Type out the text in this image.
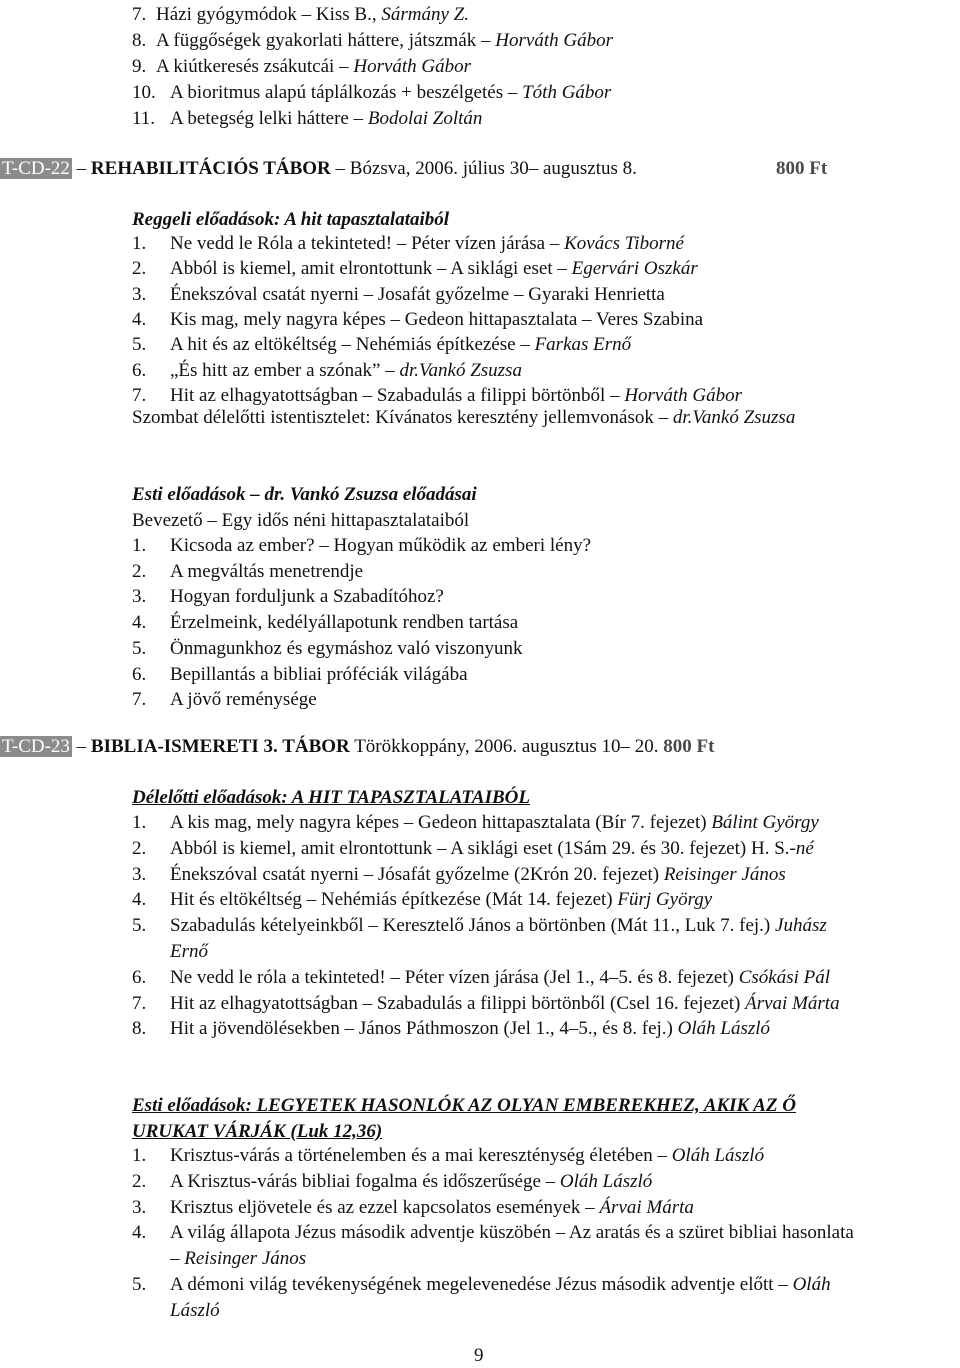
7. Házi gyógymódok – Kiss B., Sármány Z.
8. A függőségek gyakorlati háttere, játszmák – Horváth Gábor
9. A kiútkeresés zsákutcái – Horváth Gábor
10. A bioritmus alapú táplálkozás + beszélgetés – Tóth Gábor
11. A betegség lelki háttere – Bodolai Zoltán
T-CD-22 – REHABILITÁCIÓS TÁBOR – Bózsva, 2006. július 30– augusztus 8.	800 Ft
Reggeli előadások: A hit tapasztalataiból
1. Ne vedd le Róla a tekinteted! – Péter vízen járása – Kovács Tiborné
2. Abból is kiemel, amit elrontottunk – A siklági eset – Egervári Oszkár
3. Énekszóval csatát nyerni – Josafát győzelme – Gyaraki Henrietta
4. Kis mag, mely nagyra képes – Gedeon hittapasztalata – Veres Szabina
5. A hit és az eltökéltség – Nehémiás építkezése – Farkas Ernő
6. „És hitt az ember a szónak” – dr.Vankó Zsuzsa
7. Hit az elhagyatottságban – Szabadulás a filippi börtönből – Horváth Gábor
Szombat délelőtti istentisztelet: Kívánatos keresztény jellemvonások – dr.Vankó Zsuzsa
Esti előadások – dr. Vankó Zsuzsa előadásai
Bevezető – Egy idős néni hittapasztalataiból
1. Kicsoda az ember? – Hogyan működik az emberi lény?
2. A megváltás menetrendje
3. Hogyan forduljunk a Szabadítóhoz?
4. Érzelmeink, kedélyállapotunk rendben tartása
5. Önmagunkhoz és egymáshoz való viszonyunk
6. Bepillantás a bibliai próféciák világába
7. A jövő reménysége
T-CD-23 – BIBLIA-ISMERETI 3. TÁBOR Törökkoppány, 2006. augusztus 10– 20. 800 Ft
Délelőtti előadások: A HIT TAPASZTALATAIBÓL
1. A kis mag, mely nagyra képes – Gedeon hittapasztalata (Bír 7. fejezet) Bálint György
2. Abból is kiemel, amit elrontottunk – A siklági eset (1Sám 29. és 30. fejezet) H. S.-né
3. Énekszóval csatát nyerni – Jósafát győzelme (2Krón 20. fejezet) Reisinger János
4. Hit és eltökéltség – Nehémiás építkezése (Mát 14. fejezet) Fürj György
5. Szabadulás kételyeinkből – Keresztelő János a börtönben (Mát 11., Luk 7. fej.) Juhász
Ernő
6. Ne vedd le róla a tekinteted! – Péter vízen járása (Jel 1., 4–5. és 8. fejezet) Csókási Pál
7. Hit az elhagyatottságban – Szabadulás a filippi börtönből (Csel 16. fejezet) Árvai Márta
8. Hit a jövendölésekben – János Páthmoszon (Jel 1., 4–5., és 8. fej.) Oláh László
Esti előadások: LEGYETEK HASONLÓK AZ OLYAN EMBEREKHEZ, AKIK AZ Ő
URUKAT VÁRJÁK (Luk 12,36)
1. Krisztus-várás a történelemben és a mai kereszténység életében – Oláh László
2. A Krisztus-várás bibliai fogalma és időszerűsége – Oláh László
3. Krisztus eljövetele és az ezzel kapcsolatos események – Árvai Márta
4. A világ állapota Jézus második adventje küszöbén – Az aratás és a szüret bibliai hasonlata
– Reisinger János
5. A démoni világ tevékenységének megelevenedése Jézus második adventje előtt – Oláh
László
9
